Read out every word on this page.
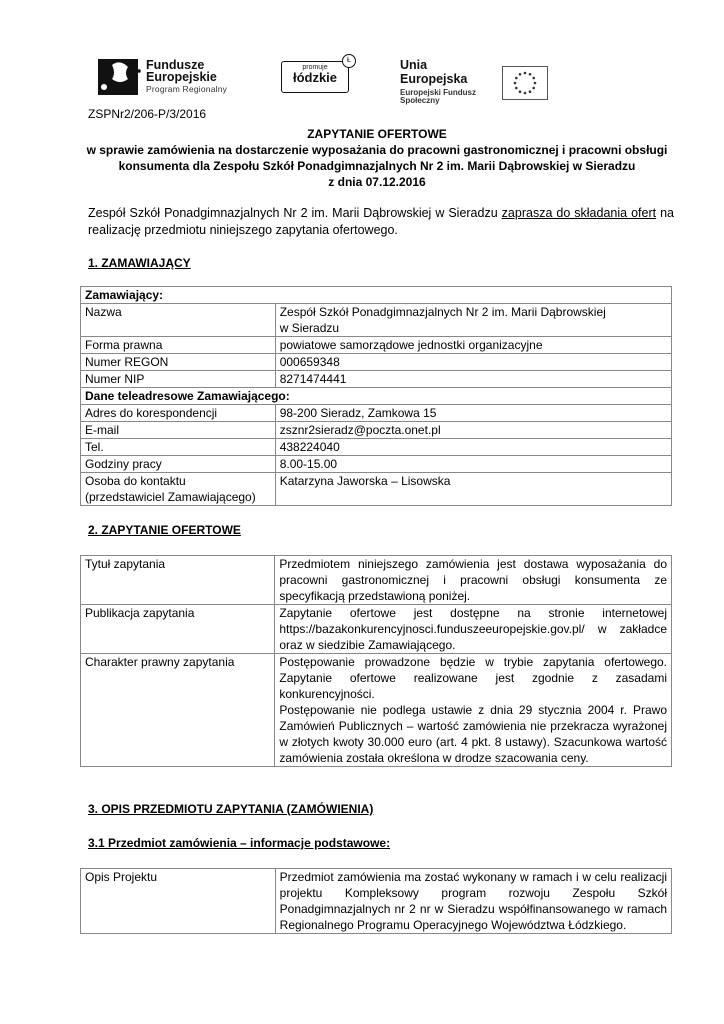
Fundusze
Europejskie
Program Regionalny
promuje
łódzkie
Ł	Unia Europejska
Europejski Fundusz Społeczny
ZSPNr2/206-P/3/2016
ZAPYTANIE OFERTOWE
w sprawie zamówienia na dostarczenie wyposażania do pracowni gastronomicznej i pracowni obsługi
konsumenta dla Zespołu Szkół Ponadgimnazjalnych Nr 2 im. Marii Dąbrowskiej w Sieradzu
z dnia 07.12.2016
Zespół Szkół Ponadgimnazjalnych Nr 2 im. Marii Dąbrowskiej w Sieradzu zaprasza do składania ofert na realizację przedmiotu niniejszego zapytania ofertowego.
1. ZAMAWIAJĄCY
Zamawiający:	
Nazwa	Zespół Szkół Ponadgimnazjalnych Nr 2 im. Marii Dąbrowskiej
w Sieradzu
Forma prawna	powiatowe samorządowe jednostki organizacyjne
Numer REGON	000659348
Numer NIP	8271474441
Dane teleadresowe Zamawiającego:	
Adres do korespondencji	98-200 Sieradz, Zamkowa 15
E-mail	zsznr2sieradz@poczta.onet.pl
Tel.	438224040
Godziny pracy	8.00-15.00
Osoba do kontaktu
(przedstawiciel Zamawiającego)	Katarzyna Jaworska – Lisowska
2. ZAPYTANIE OFERTOWE
Tytuł zapytania	Przedmiotem niniejszego zamówienia jest dostawa wyposażania do pracowni gastronomicznej i pracowni obsługi konsumenta ze specyfikacją przedstawioną poniżej.
Publikacja zapytania	Zapytanie ofertowe jest dostępne na stronie internetowej https://bazakonkurencyjnosci.funduszeeuropejskie.gov.pl/ w zakładce oraz w siedzibie Zamawiającego.
Charakter prawny zapytania	Postępowanie prowadzone będzie w trybie zapytania ofertowego. Zapytanie ofertowe realizowane jest zgodnie z zasadami konkurencyjności.
Postępowanie nie podlega ustawie z dnia 29 stycznia 2004 r. Prawo Zamówień Publicznych – wartość zamówienia nie przekracza wyrażonej w złotych kwoty 30.000 euro (art. 4 pkt. 8 ustawy). Szacunkowa wartość zamówienia została określona w drodze szacowania ceny.
3. OPIS PRZEDMIOTU ZAPYTANIA (ZAMÓWIENIA)
3.1 Przedmiot zamówienia – informacje podstawowe:
Opis Projektu	Przedmiot zamówienia ma zostać wykonany w ramach i w celu realizacji projektu Kompleksowy program rozwoju Zespołu Szkół Ponadgimnazjalnych nr 2 nr w Sieradzu współfinansowanego w ramach Regionalnego Programu Operacyjnego Województwa Łódzkiego.
